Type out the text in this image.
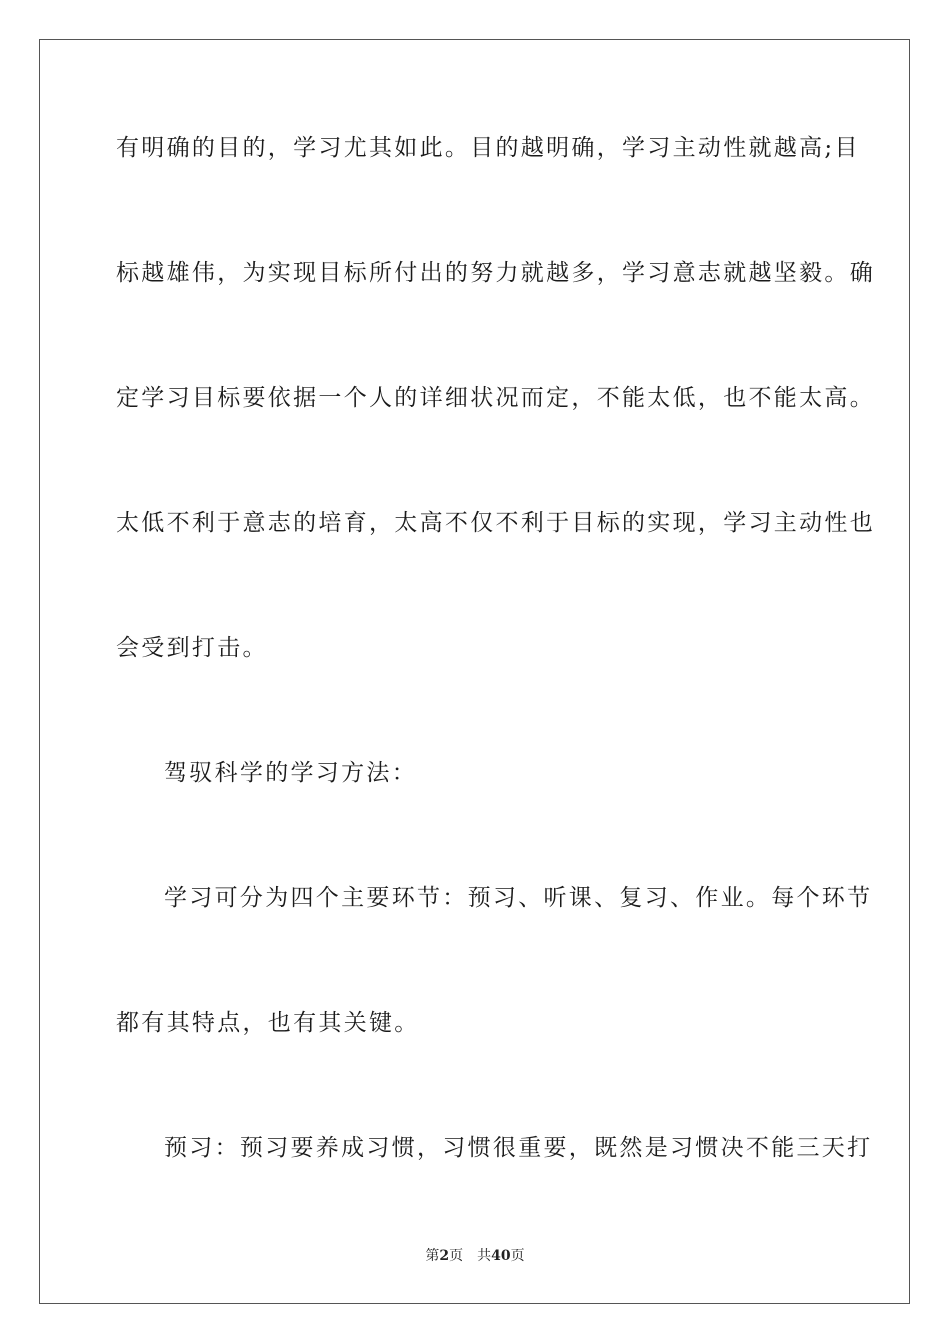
有明确的目的，学习尤其如此。目的越明确，学习主动性就越高;目
标越雄伟，为实现目标所付出的努力就越多，学习意志就越坚毅。确
定学习目标要依据一个人的详细状况而定，不能太低，也不能太高。
太低不利于意志的培育，太高不仅不利于目标的实现，学习主动性也
会受到打击。
驾驭科学的学习方法：
学习可分为四个主要环节：预习、听课、复习、作业。每个环节
都有其特点，也有其关键。
预习：预习要养成习惯，习惯很重要，既然是习惯决不能三天打
第2页 共40页
